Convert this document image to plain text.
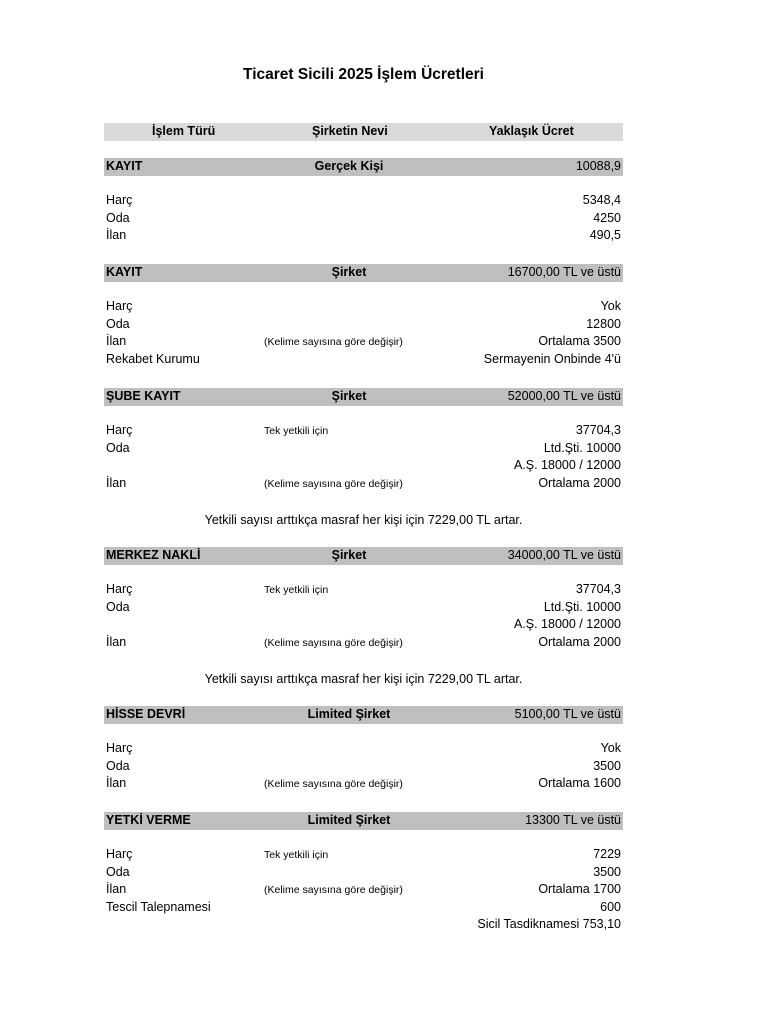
Ticaret Sicili 2025 İşlem Ücretleri
İşlem Türü	Şirketin Nevi	Yaklaşık Ücret
KAYIT	Gerçek Kişi	10088,9
Harç	5348,4
Oda	4250
İlan	490,5
KAYIT	Şirket	16700,00 TL ve üstü
Harç	Yok
Oda	12800
İlan	(Kelime sayısına göre değişir)	Ortalama 3500
Rekabet Kurumu	Sermayenin Onbinde 4'ü
ŞUBE KAYIT	Şirket	52000,00 TL ve üstü
Harç	Tek yetkili için	37704,3
Oda	Ltd.Şti. 10000
A.Ş. 18000 / 12000
İlan	(Kelime sayısına göre değişir)	Ortalama 2000
Yetkili sayısı arttıkça masraf her kişi için 7229,00 TL artar.
MERKEZ NAKLİ	Şirket	34000,00 TL ve üstü
Harç	Tek yetkili için	37704,3
Oda	Ltd.Şti. 10000
A.Ş. 18000 / 12000
İlan	(Kelime sayısına göre değişir)	Ortalama 2000
Yetkili sayısı arttıkça masraf her kişi için 7229,00 TL artar.
HİSSE DEVRİ	Limited Şirket	5100,00 TL ve üstü
Harç	Yok
Oda	3500
İlan	(Kelime sayısına göre değişir)	Ortalama 1600
YETKİ VERME	Limited Şirket	13300 TL ve üstü
Harç	Tek yetkili için	7229
Oda	3500
İlan	(Kelime sayısına göre değişir)	Ortalama 1700
Tescil Talepnamesi	600
Sicil Tasdiknamesi 753,10
